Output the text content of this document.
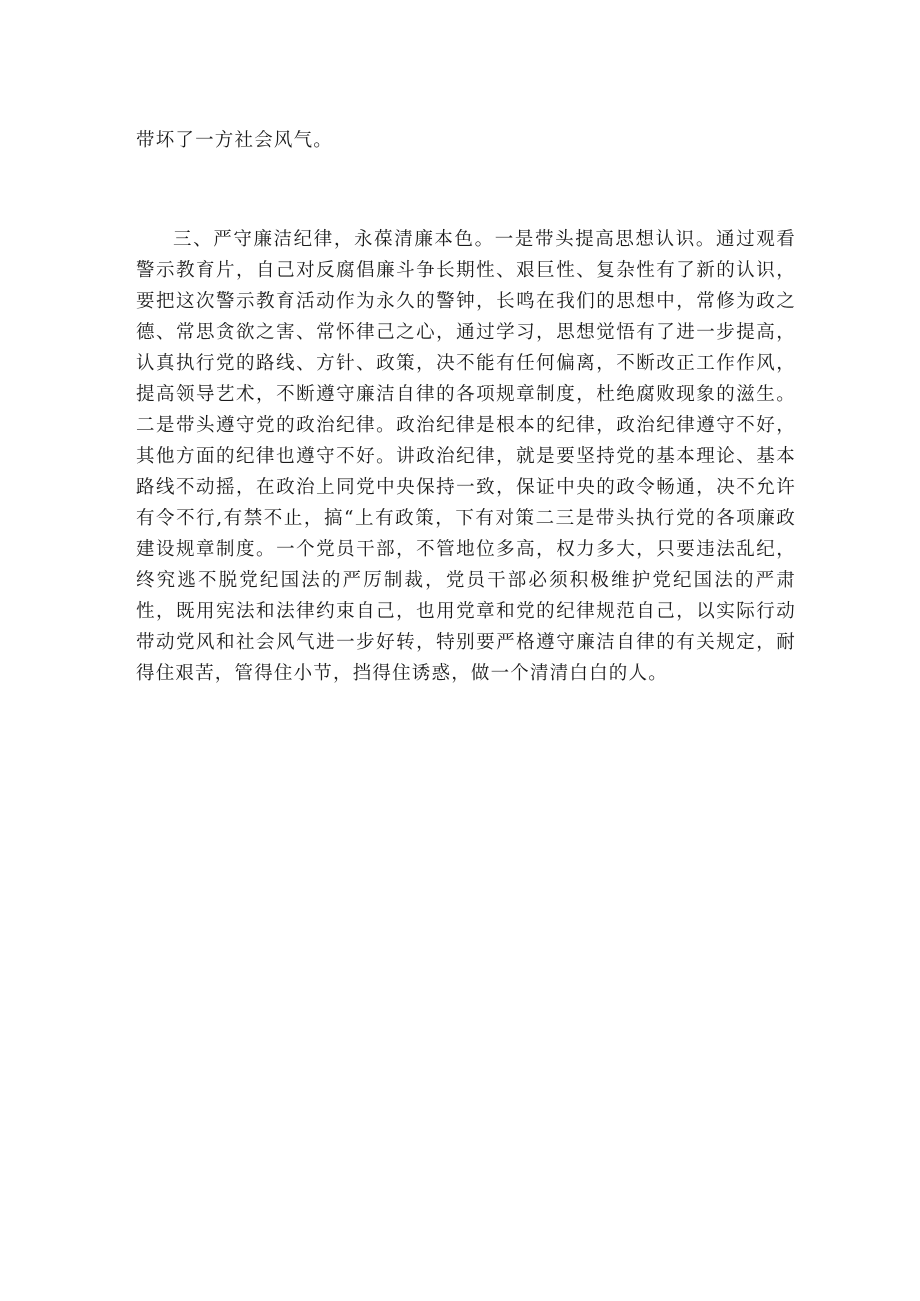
带坏了一方社会风气。

三、严守廉洁纪律，永葆清廉本色。一是带头提高思想认识。通过观看警示教育片，自己对反腐倡廉斗争长期性、艰巨性、复杂性有了新的认识，要把这次警示教育活动作为永久的警钟，长鸣在我们的思想中，常修为政之德、常思贪欲之害、常怀律己之心，通过学习，思想觉悟有了进一步提高，认真执行党的路线、方针、政策，决不能有任何偏离，不断改正工作作风，提高领导艺术，不断遵守廉洁自律的各项规章制度，杜绝腐败现象的滋生。二是带头遵守党的政治纪律。政治纪律是根本的纪律，政治纪律遵守不好，其他方面的纪律也遵守不好。讲政治纪律，就是要坚持党的基本理论、基本路线不动摇，在政治上同党中央保持一致，保证中央的政令畅通，决不允许有令不行,有禁不止，搞“上有政策，下有对策二三是带头执行党的各项廉政建设规章制度。一个党员干部，不管地位多高，权力多大，只要违法乱纪，终究逃不脱党纪国法的严厉制裁，党员干部必须积极维护党纪国法的严肃性，既用宪法和法律约束自己，也用党章和党的纪律规范自己，以实际行动带动党风和社会风气进一步好转，特别要严格遵守廉洁自律的有关规定，耐得住艰苦，管得住小节，挡得住诱惑，做一个清清白白的人。
